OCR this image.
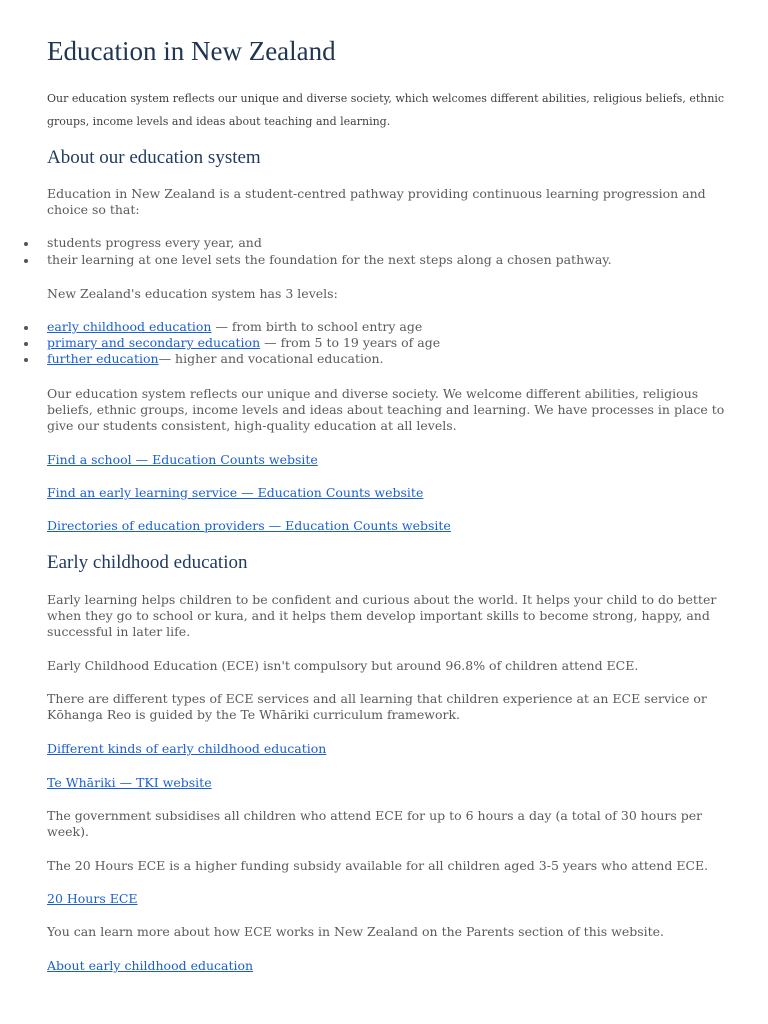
Education in New Zealand
Our education system reflects our unique and diverse society, which welcomes different abilities, religious beliefs, ethnic
groups, income levels and ideas about teaching and learning.
About our education system
Education in New Zealand is a student-centred pathway providing continuous learning progression and
choice so that:
students progress every year, and
their learning at one level sets the foundation for the next steps along a chosen pathway.
New Zealand's education system has 3 levels:
early childhood education — from birth to school entry age
primary and secondary education — from 5 to 19 years of age
further education— higher and vocational education.
Our education system reflects our unique and diverse society. We welcome different abilities, religious
beliefs, ethnic groups, income levels and ideas about teaching and learning. We have processes in place to
give our students consistent, high-quality education at all levels.
Find a school — Education Counts website
Find an early learning service — Education Counts website
Directories of education providers — Education Counts website
Early childhood education
Early learning helps children to be confident and curious about the world. It helps your child to do better
when they go to school or kura, and it helps them develop important skills to become strong, happy, and
successful in later life.
Early Childhood Education (ECE) isn't compulsory but around 96.8% of children attend ECE.
There are different types of ECE services and all learning that children experience at an ECE service or
Kōhanga Reo is guided by the Te Whāriki curriculum framework.
Different kinds of early childhood education
Te Whāriki — TKI website
The government subsidises all children who attend ECE for up to 6 hours a day (a total of 30 hours per
week).
The 20 Hours ECE is a higher funding subsidy available for all children aged 3-5 years who attend ECE.
20 Hours ECE
You can learn more about how ECE works in New Zealand on the Parents section of this website.
About early childhood education
